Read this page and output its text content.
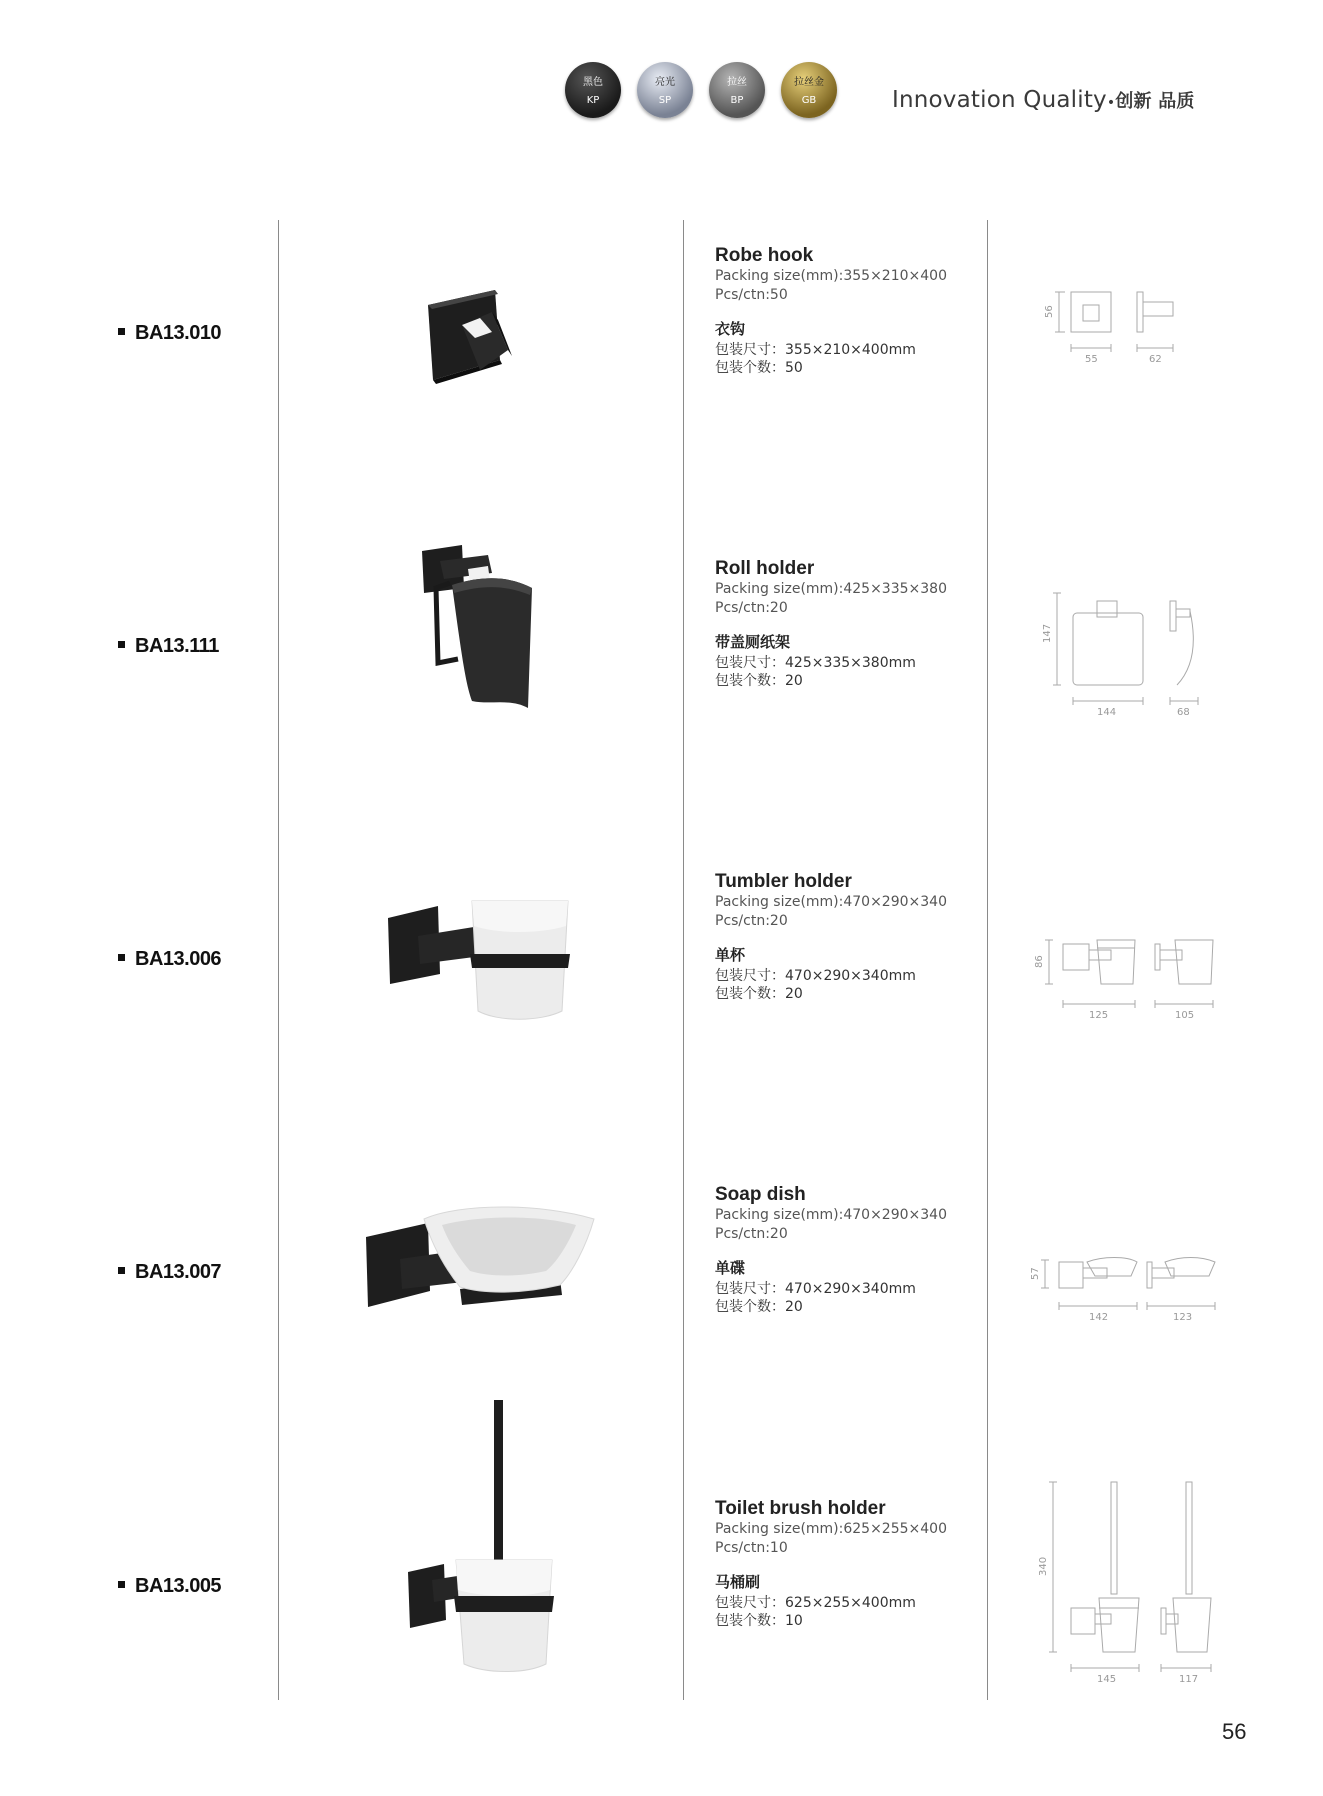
黑色
KP
亮光
SP
拉丝
BP
拉丝金
GB	Innovation Quality•创新 品质
BA13.010

Robe hook

Packing size(mm):355×210×400

Pcs/ctn:50

衣钩

包装尺寸：355×210×400mm

包装个数：50

56
55	62
BA13.111

Roll holder

Packing size(mm):425×335×380

Pcs/ctn:20

带盖厕纸架

包装尺寸：425×335×380mm

包装个数：20

147
144	68
BA13.006

Tumbler holder

Packing size(mm):470×290×340

Pcs/ctn:20

单杯

包装尺寸：470×290×340mm

包装个数：20

86
125	105
BA13.007

Soap dish

Packing size(mm):470×290×340

Pcs/ctn:20

单碟

包装尺寸：470×290×340mm

包装个数：20

57
142	123
BA13.005

Toilet brush holder

Packing size(mm):625×255×400

Pcs/ctn:10

马桶刷

包装尺寸：625×255×400mm

包装个数：10

340
145	117
56
